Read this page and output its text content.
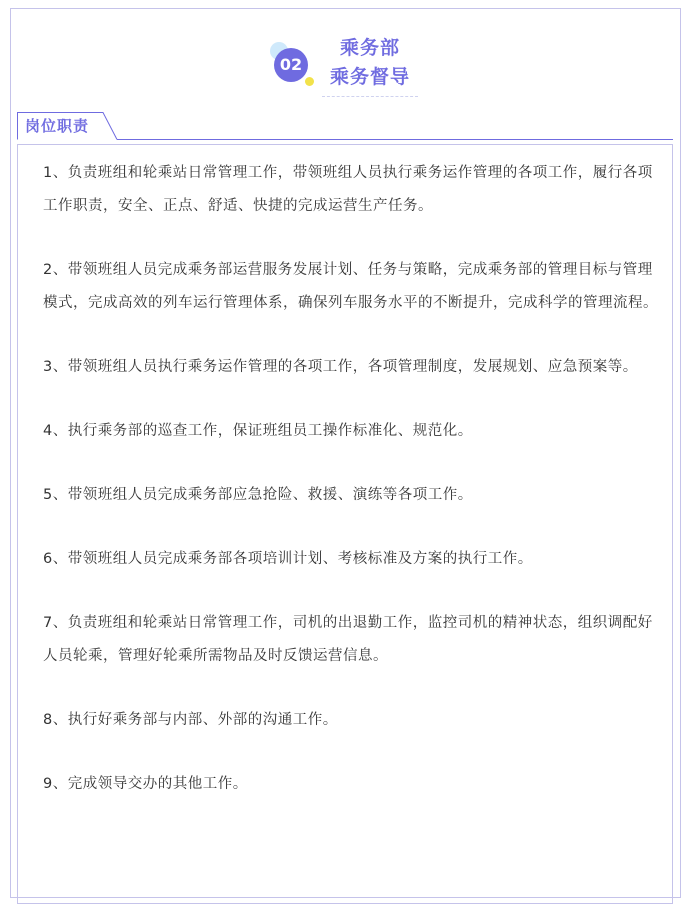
02
乘务部
乘务督导
岗位职责
1、负责班组和轮乘站日常管理工作，带领班组人员执行乘务运作管理的各项工作，履行各项工作职责，安全、正点、舒适、快捷的完成运营生产任务。
2、带领班组人员完成乘务部运营服务发展计划、任务与策略，完成乘务部的管理目标与管理模式，完成高效的列车运行管理体系，确保列车服务水平的不断提升，完成科学的管理流程。
3、带领班组人员执行乘务运作管理的各项工作，各项管理制度，发展规划、应急预案等。
4、执行乘务部的巡查工作，保证班组员工操作标准化、规范化。
5、带领班组人员完成乘务部应急抢险、救援、演练等各项工作。
6、带领班组人员完成乘务部各项培训计划、考核标准及方案的执行工作。
7、负责班组和轮乘站日常管理工作，司机的出退勤工作，监控司机的精神状态，组织调配好人员轮乘，管理好轮乘所需物品及时反馈运营信息。
8、执行好乘务部与内部、外部的沟通工作。
9、完成领导交办的其他工作。
